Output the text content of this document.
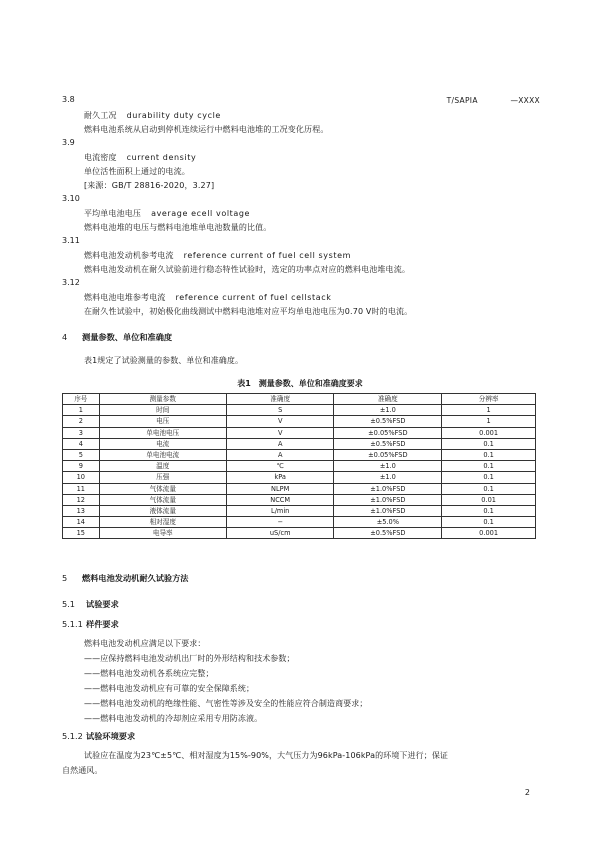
T/SAPIA	—XXXX
3.8
耐久工况 durability duty cycle
燃料电池系统从启动到停机连续运行中燃料电池堆的工况变化历程。
3.9
电流密度 current density
单位活性面积上通过的电流。
[来源：GB/T 28816-2020，3.27]
3.10
平均单电池电压 average ecell voltage
燃料电池堆的电压与燃料电池堆单电池数量的比值。
3.11
燃料电池发动机参考电流 reference current of fuel cell system
燃料电池发动机在耐久试验前进行稳态特性试验时，选定的功率点对应的燃料电池堆电流。
3.12
燃料电池电堆参考电流 reference current of fuel cellstack
在耐久性试验中，初始极化曲线测试中燃料电池堆对应平均单电池电压为0.70 V时的电流。
4 测量参数、单位和准确度
表1规定了试验测量的参数、单位和准确度。
表1　测量参数、单位和准确度要求
序号	测量参数	准确度	准确度	分辨率
1	时间	S	±1.0	1
2	电压	V	±0.5%FSD	1
3	单电池电压	V	±0.05%FSD	0.001
4	电流	A	±0.5%FSD	0.1
5	单电池电流	A	±0.05%FSD	0.1
9	温度	℃	±1.0	0.1
10	压强	kPa	±1.0	0.1
11	气体流量	NLPM	±1.0%FSD	0.1
12	气体流量	NCCM	±1.0%FSD	0.01
13	液体流量	L/min	±1.0%FSD	0.1
14	相对湿度	−	±5.0%	0.1
15	电导率	uS/cm	±0.5%FSD	0.001
5 燃料电池发动机耐久试验方法
5.1 试验要求
5.1.1 样件要求
燃料电池发动机应满足以下要求：
——应保持燃料电池发动机出厂时的外形结构和技术参数；
——燃料电池发动机各系统应完整；
——燃料电池发动机应有可靠的安全保障系统；
——燃料电池发动机的绝缘性能、气密性等涉及安全的性能应符合制造商要求；
——燃料电池发动机的冷却剂应采用专用防冻液。
5.1.2 试验环境要求
试验应在温度为23℃±5℃、相对湿度为15%-90%，大气压力为96kPa-106kPa的环境下进行；保证
自然通风。
2
